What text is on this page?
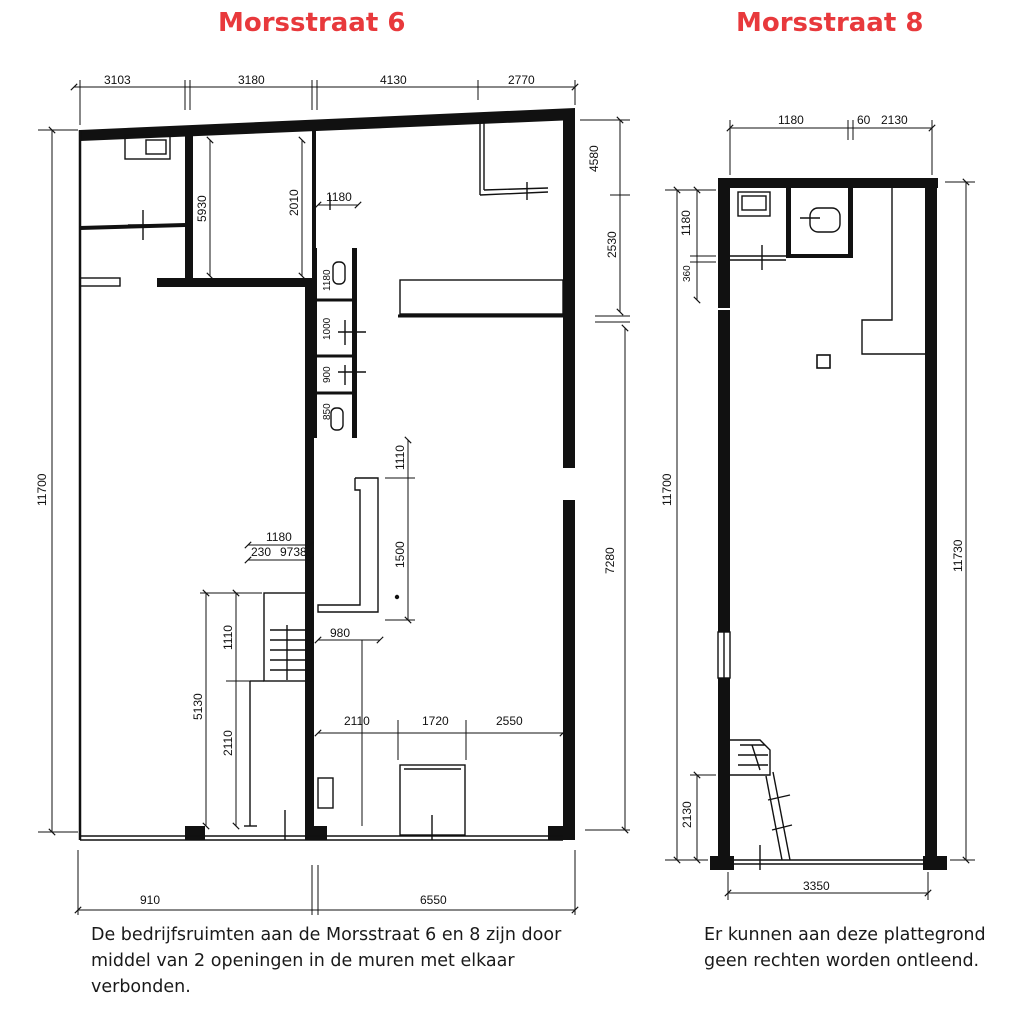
Morsstraat 6	Morsstraat 8
3103	3180	4130	2770
11700
5930	2010 1180
4580
2530
7280
1180
1000
900
850
1110
1500
1180
230 9738
1110
5130
2110
980
2110	1720	2550
910	6550
1180	60 2130
1180
360
11700
11730
2130
3350
De bedrijfsruimten aan de Morsstraat 6 en 8 zijn door middel van 2 openingen in de muren met elkaar verbonden.
Er kunnen aan deze plattegrond geen rechten worden ontleend.
